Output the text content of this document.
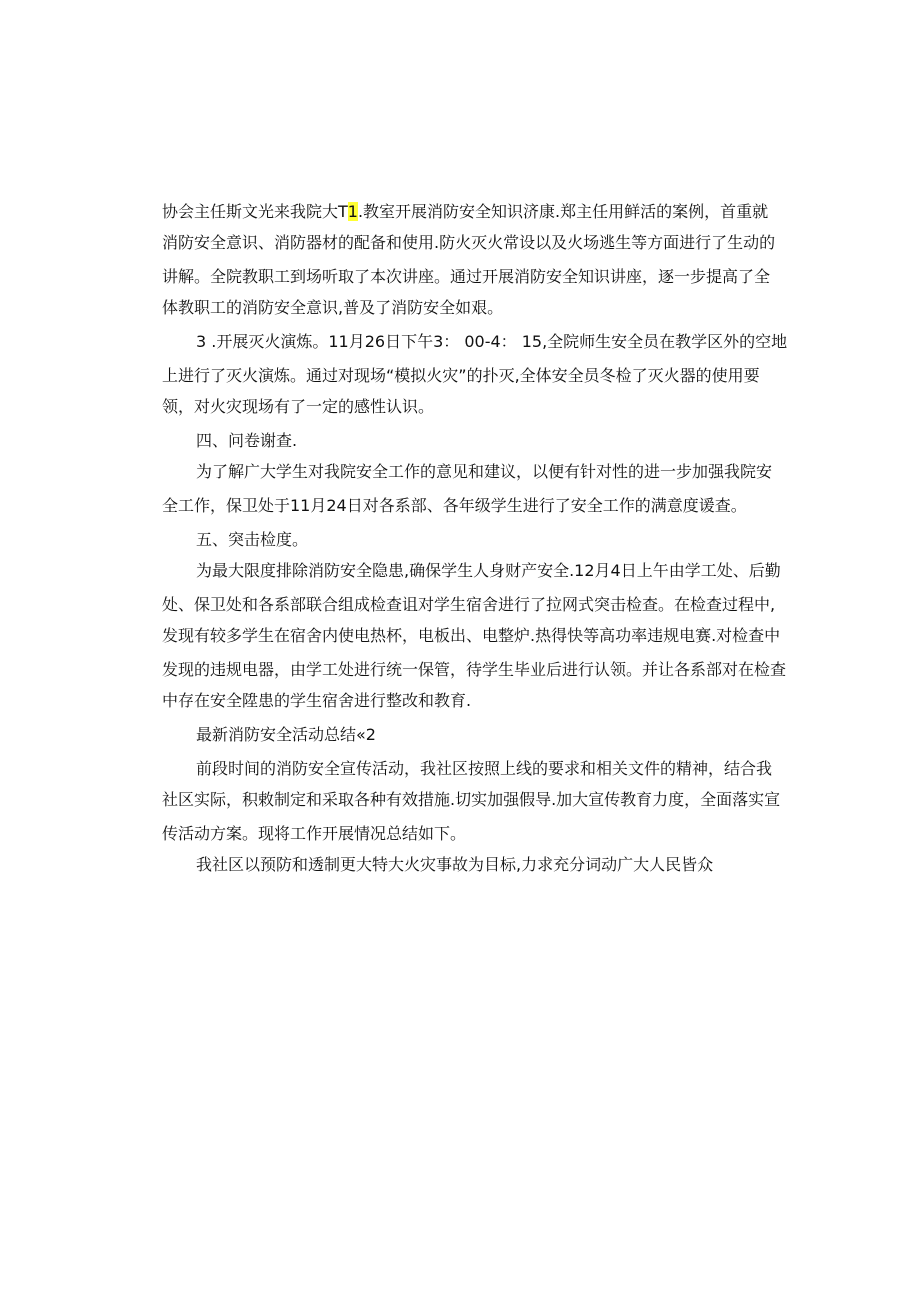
协会主任斯文光来我院大T1.教室开展消防安全知识济康.郑主任用鲜活的案例，首重就
消防安全意识、消防器材的配备和使用.防火灭火常设以及火场逃生等方面进行了生动的
讲解。全院教职工到场听取了本次讲座。通过开展消防安全知识讲座，逐一步提高了全
体教职工的消防安全意识,普及了消防安全如艰。
3 .开展灭火演炼。11月26日下午3： 00-4： 15,全院师生安全员在教学区外的空地
上进行了灭火演炼。通过对现场“模拟火灾”的扑灭,全体安全员冬检了灭火器的使用要
领，对火灾现场有了一定的感性认识。
四、问卷谢查.
为了解广大学生对我院安全工作的意见和建议，以便有针对性的进一步加强我院安
全工作，保卫处于11月24日对各系部、各年级学生进行了安全工作的满意度谖查。
五、突击检度。
为最大限度排除消防安全隐患,确保学生人身财产安全.12月4日上午由学工处、后勤
处、保卫处和各系部联合组成检查诅对学生宿舍进行了拉网式突击检查。在检查过程中,
发现有较多学生在宿舍内使电热杯，电板出、电整炉.热得快等高功率违规电赛.对检查中
发现的违规电器，由学工处进行统一保管，待学生毕业后进行认领。并让各系部对在检查
中存在安全陞患的学生宿舍进行整改和教育.
最新消防安全活动总结«2
前段时间的消防安全宣传活动，我社区按照上线的要求和相关文件的精神，结合我
社区实际，积敕制定和采取各种有效措施.切实加强假导.加大宣传教育力度，全面落实宣
传活动方案。现将工作开展情况总结如下。
我社区以预防和透制更大特大火灾事故为目标,力求充分词动广大人民皆众
